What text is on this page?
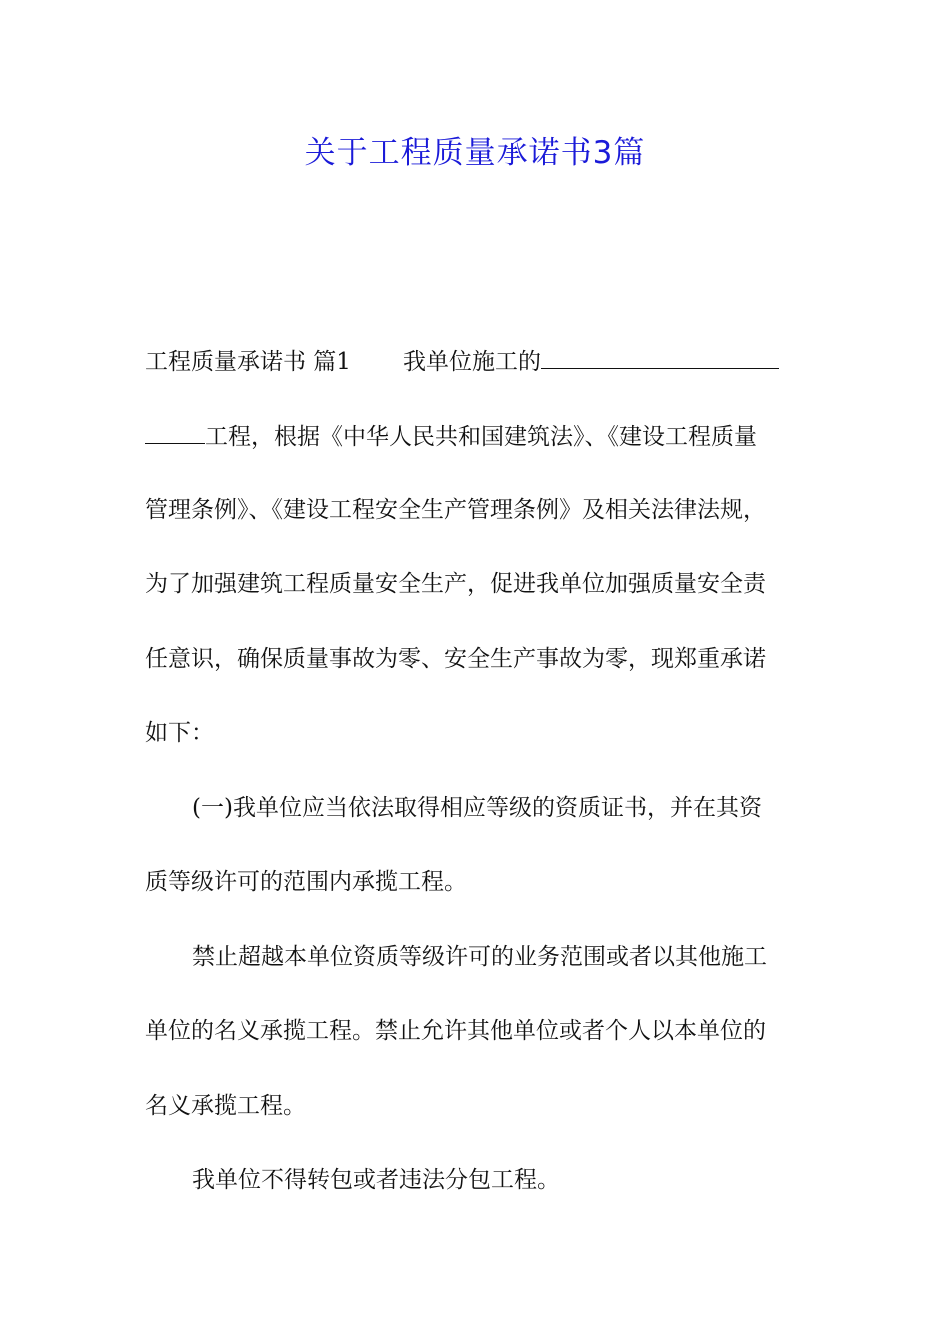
关于工程质量承诺书3篇
工程质量承诺书 篇1 我单位施工的
工程，根据《中华人民共和国建筑法》、《建设工程质量
管理条例》、《建设工程安全生产管理条例》及相关法律法规，
为了加强建筑工程质量安全生产，促进我单位加强质量安全责
任意识，确保质量事故为零、安全生产事故为零，现郑重承诺
如下：
(一)我单位应当依法取得相应等级的资质证书，并在其资
质等级许可的范围内承揽工程。
禁止超越本单位资质等级许可的业务范围或者以其他施工
单位的名义承揽工程。禁止允许其他单位或者个人以本单位的
名义承揽工程。
我单位不得转包或者违法分包工程。
